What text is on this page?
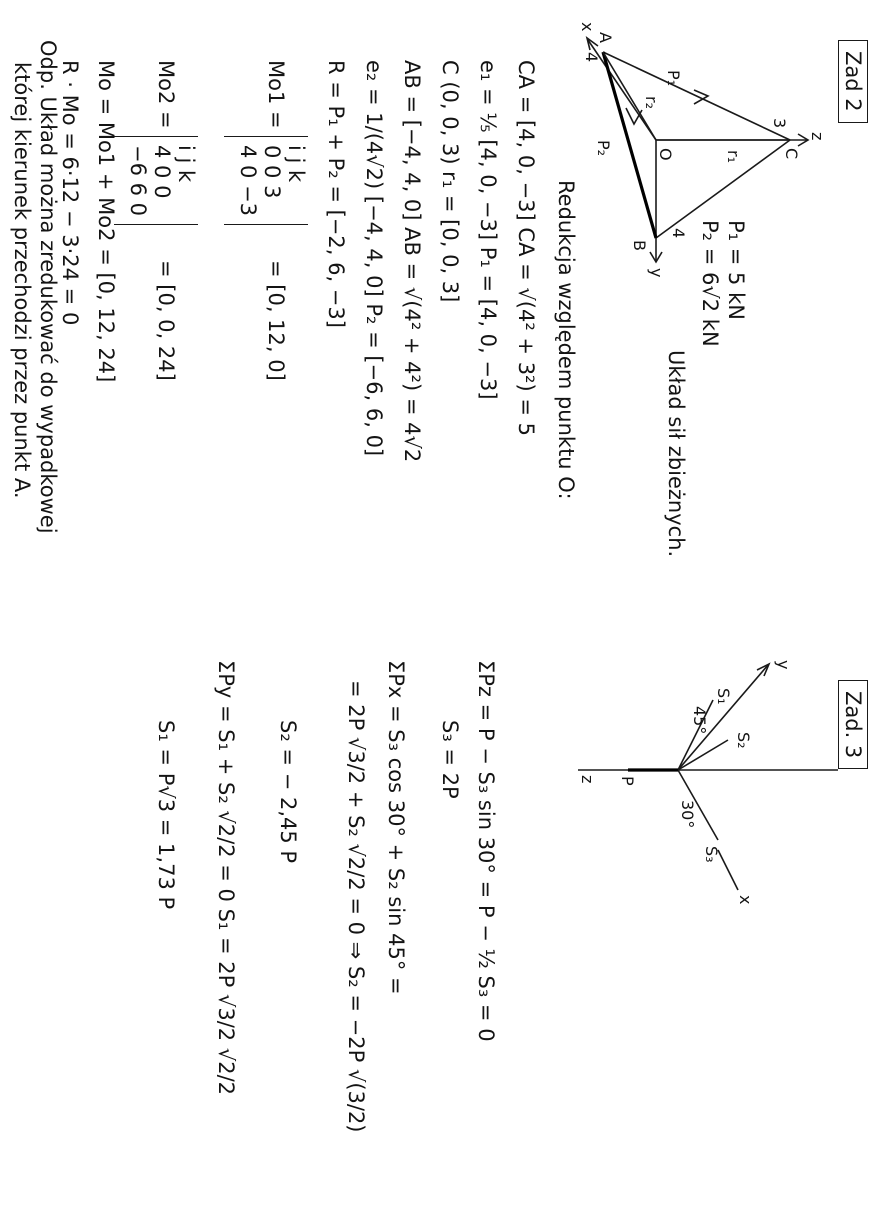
Zad 2
z
y
x
A
B
C
O
P₁
P₂
r₁
r₂
3
4
4 P₁ = 5 kN
P₂ = 6√2 kN
Układ sił zbieżnych.
Redukcja względem punktu O:
CA = [4, 0, −3] CA = √(4² + 3²) = 5
e₁ = ⅕ [4, 0, −3] P₁ = [4, 0, −3]
C (0, 0, 3) r₁ = [0, 0, 3]
AB = [−4, 4, 0] AB = √(4² + 4²) = 4√2
e₂ = 1/(4√2) [−4, 4, 0] P₂ = [−6, 6, 0]
R = P₁ + P₂ = [−2, 6, −3]
Mo1 =
i j k
0 0 3
4 0 −3
= [0, 12, 0]
Mo2 =
i j k
4 0 0
−6 6 0
= [0, 0, 24]
Mo = Mo1 + Mo2 = [0, 12, 24]
R · Mo = 6·12 − 3·24 = 0
Odp. Układ można zredukować do wypadkowej
której kierunek przechodzi przez punkt A.
Zad. 3
y
x
z
S₁
S₂
S₃
P
45°
30°
ΣPz = P − S₃ sin 30° = P − ½ S₃ = 0
S₃ = 2P
ΣPx = S₃ cos 30° + S₂ sin 45° =
= 2P √3/2 + S₂ √2/2 = 0 ⇒ S₂ = −2P √(3/2)
S₂ = − 2,45 P
ΣPy = S₁ + S₂ √2/2 = 0 S₁ = 2P √3/2 √2/2
S₁ = P√3 = 1,73 P
